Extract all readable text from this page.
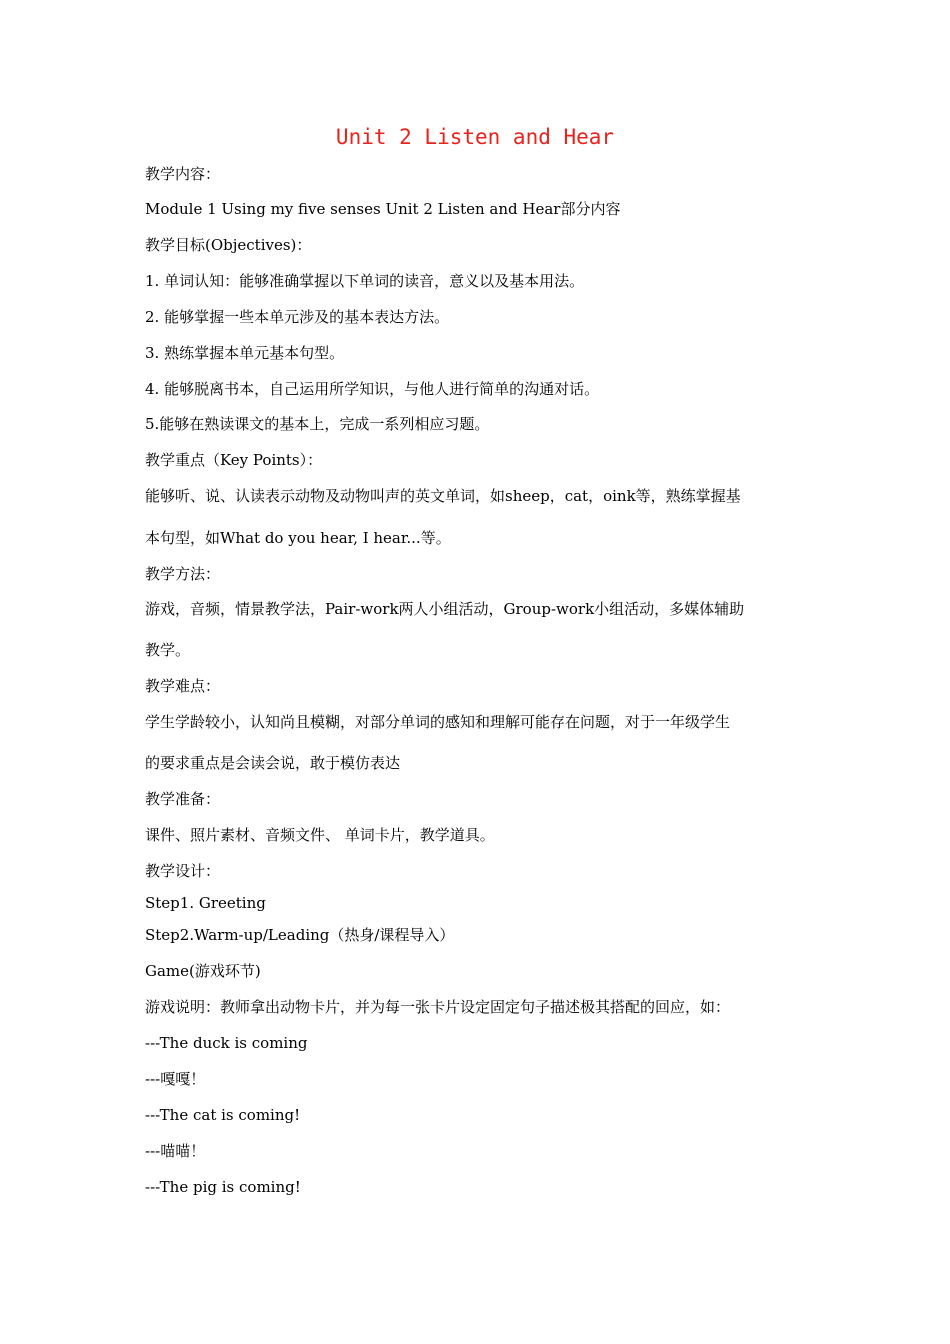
Unit 2 Listen and Hear

教学内容：

Module 1 Using my five senses Unit 2 Listen and Hear部分内容

教学目标(Objectives)：

1. 单词认知：能够准确掌握以下单词的读音，意义以及基本用法。

2. 能够掌握一些本单元涉及的基本表达方法。

3. 熟练掌握本单元基本句型。

4. 能够脱离书本，自己运用所学知识，与他人进行简单的沟通对话。

5.能够在熟读课文的基本上，完成一系列相应习题。

教学重点（Key Points）：

能够听、说、认读表示动物及动物叫声的英文单词，如sheep，cat，oink等，熟练掌握基

本句型，如What do you hear, I hear...等。

教学方法：

游戏，音频，情景教学法，Pair-work两人小组活动，Group-work小组活动，多媒体辅助

教学。

教学难点：

学生学龄较小，认知尚且模糊，对部分单词的感知和理解可能存在问题，对于一年级学生

的要求重点是会读会说，敢于模仿表达

教学准备：

课件、照片素材、音频文件、 单词卡片，教学道具。

教学设计：

Step1. Greeting

Step2.Warm-up/Leading（热身/课程导入）

Game(游戏环节)

游戏说明：教师拿出动物卡片，并为每一张卡片设定固定句子描述极其搭配的回应，如：

---The duck is coming

---嘎嘎！

---The cat is coming!

---喵喵！

---The pig is coming!
